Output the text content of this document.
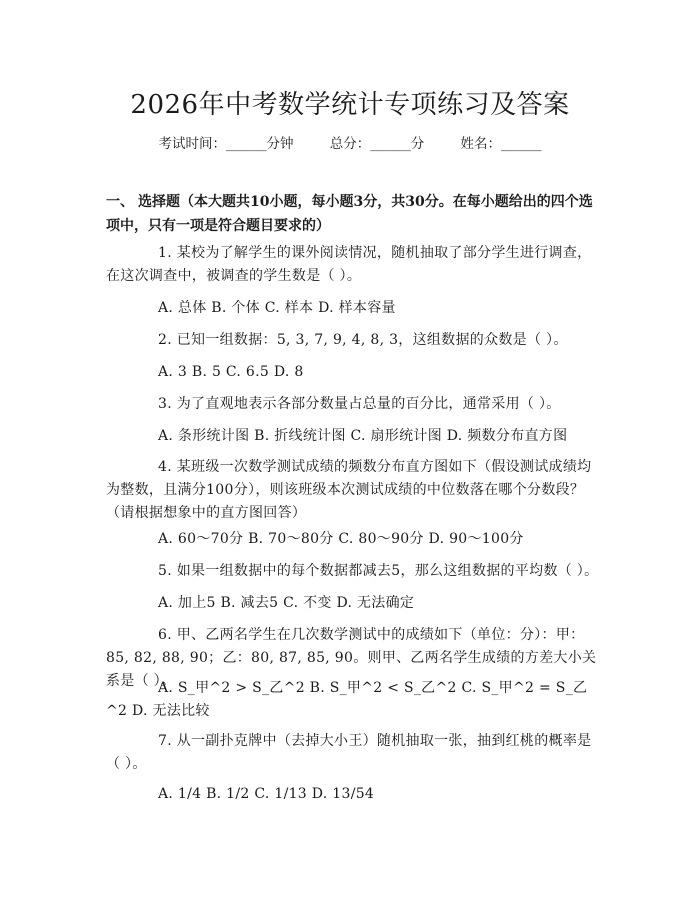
2026年中考数学统计专项练习及答案
考试时间：______分钟	总分：______分	姓名：______
一、 选择题（本大题共10小题，每小题3分，共30分。在每小题给出的四个选项中，只有一项是符合题目要求的）
1. 某校为了解学生的课外阅读情况，随机抽取了部分学生进行调查，在这次调查中，被调查的学生数是（ ）。
A. 总体 B. 个体 C. 样本 D. 样本容量
2. 已知一组数据：5, 3, 7, 9, 4, 8, 3，这组数据的众数是（ ）。
A. 3 B. 5 C. 6.5 D. 8
3. 为了直观地表示各部分数量占总量的百分比，通常采用（ ）。
A. 条形统计图 B. 折线统计图 C. 扇形统计图 D. 频数分布直方图
4. 某班级一次数学测试成绩的频数分布直方图如下（假设测试成绩均为整数，且满分100分），则该班级本次测试成绩的中位数落在哪个分数段？（请根据想象中的直方图回答）
A. 60～70分 B. 70～80分 C. 80～90分 D. 90～100分
5. 如果一组数据中的每个数据都减去5，那么这组数据的平均数（ ）。
A. 加上5 B. 减去5 C. 不变 D. 无法确定
6. 甲、乙两名学生在几次数学测试中的成绩如下（单位：分）：甲：85, 82, 88, 90；乙：80, 87, 85, 90。则甲、乙两名学生成绩的方差大小关系是（ ）。
A. S_甲^2 > S_乙^2 B. S_甲^2 < S_乙^2 C. S_甲^2 = S_乙^2 D. 无法比较
7. 从一副扑克牌中（去掉大小王）随机抽取一张，抽到红桃的概率是（ ）。
A. 1/4 B. 1/2 C. 1/13 D. 13/54
